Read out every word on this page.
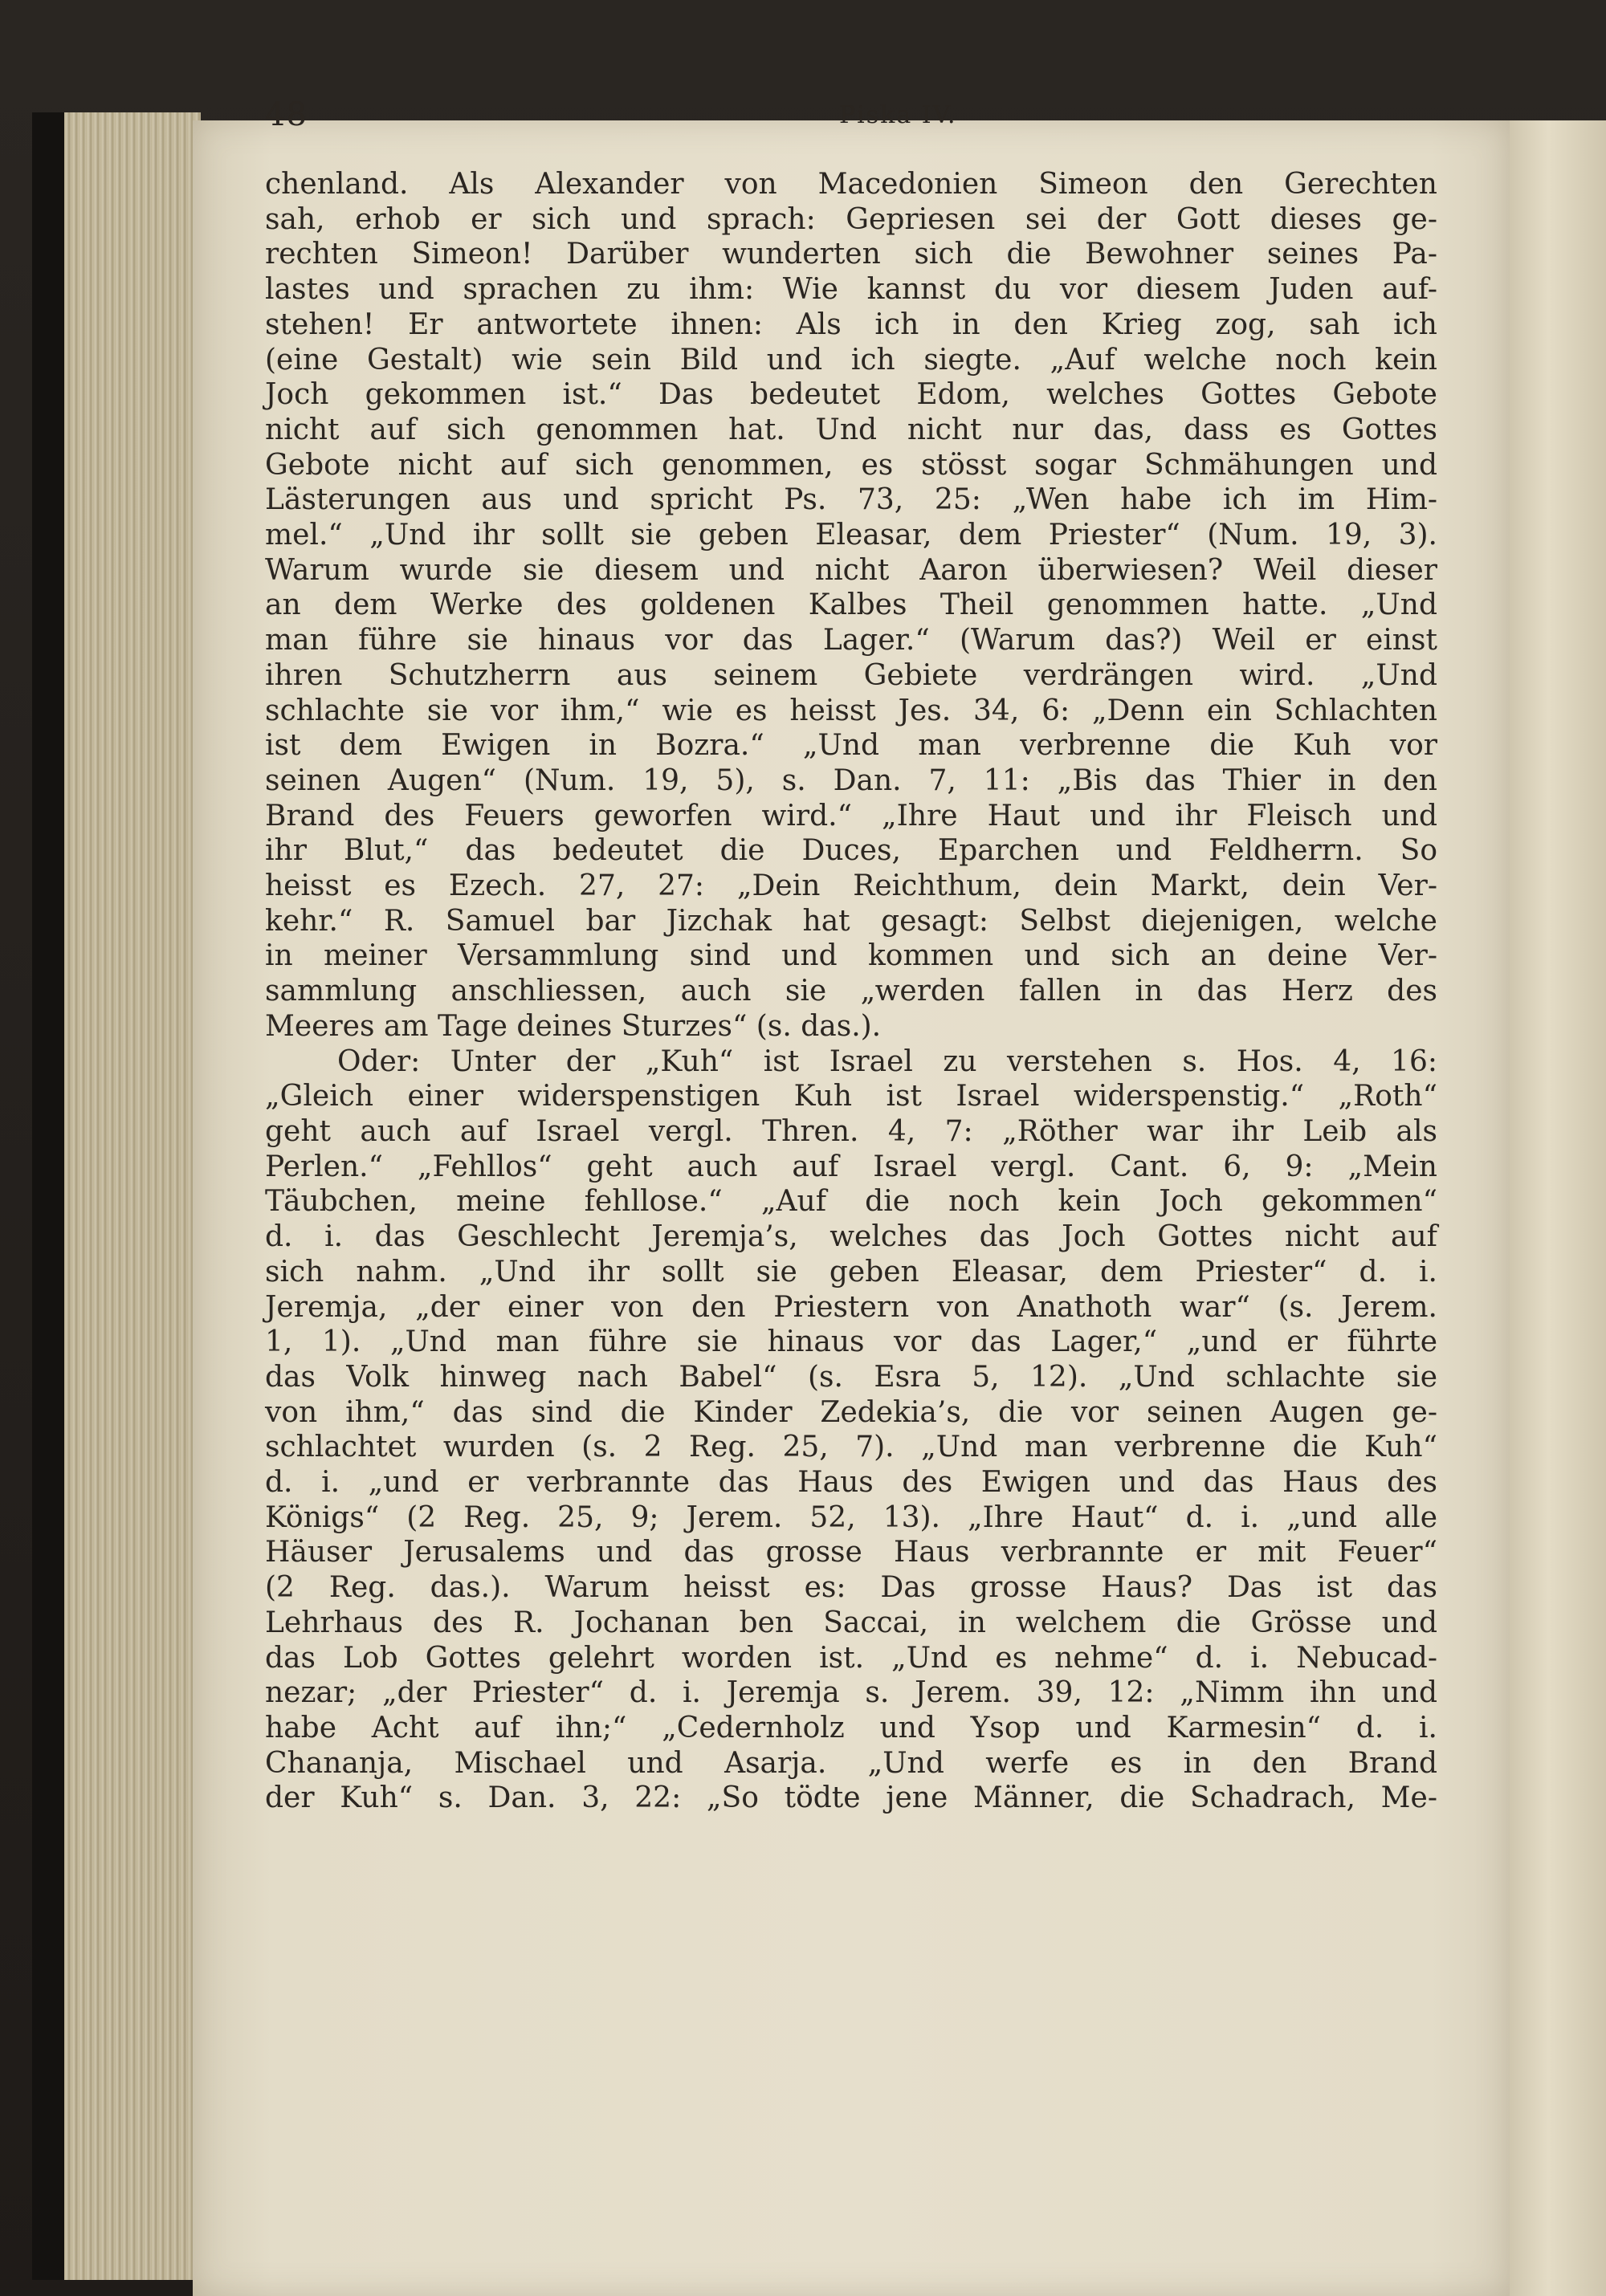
48	Piska IV.
chenland. Als Alexander von Macedonien Simeon den Gerechten
sah, erhob er sich und sprach: Gepriesen sei der Gott dieses ge-
rechten Simeon! Darüber wunderten sich die Bewohner seines Pa-
lastes und sprachen zu ihm: Wie kannst du vor diesem Juden auf-
stehen! Er antwortete ihnen: Als ich in den Krieg zog, sah ich
(eine Gestalt) wie sein Bild und ich siegte. „Auf welche noch kein
Joch gekommen ist.“ Das bedeutet Edom, welches Gottes Gebote
nicht auf sich genommen hat. Und nicht nur das, dass es Gottes
Gebote nicht auf sich genommen, es stösst sogar Schmähungen und
Lästerungen aus und spricht Ps. 73, 25: „Wen habe ich im Him-
mel.“ „Und ihr sollt sie geben Eleasar, dem Priester“ (Num. 19, 3).
Warum wurde sie diesem und nicht Aaron überwiesen? Weil dieser
an dem Werke des goldenen Kalbes Theil genommen hatte. „Und
man führe sie hinaus vor das Lager.“ (Warum das?) Weil er einst
ihren Schutzherrn aus seinem Gebiete verdrängen wird. „Und
schlachte sie vor ihm,“ wie es heisst Jes. 34, 6: „Denn ein Schlachten
ist dem Ewigen in Bozra.“ „Und man verbrenne die Kuh vor
seinen Augen“ (Num. 19, 5), s. Dan. 7, 11: „Bis das Thier in den
Brand des Feuers geworfen wird.“ „Ihre Haut und ihr Fleisch und
ihr Blut,“ das bedeutet die Duces, Eparchen und Feldherrn. So
heisst es Ezech. 27, 27: „Dein Reichthum, dein Markt, dein Ver-
kehr.“ R. Samuel bar Jizchak hat gesagt: Selbst diejenigen, welche
in meiner Versammlung sind und kommen und sich an deine Ver-
sammlung anschliessen, auch sie „werden fallen in das Herz des
Meeres am Tage deines Sturzes“ (s. das.).
Oder: Unter der „Kuh“ ist Israel zu verstehen s. Hos. 4, 16:
„Gleich einer widerspenstigen Kuh ist Israel widerspenstig.“ „Roth“
geht auch auf Israel vergl. Thren. 4, 7: „Röther war ihr Leib als
Perlen.“ „Fehllos“ geht auch auf Israel vergl. Cant. 6, 9: „Mein
Täubchen, meine fehllose.“ „Auf die noch kein Joch gekommen“
d. i. das Geschlecht Jeremja’s, welches das Joch Gottes nicht auf
sich nahm. „Und ihr sollt sie geben Eleasar, dem Priester“ d. i.
Jeremja, „der einer von den Priestern von Anathoth war“ (s. Jerem.
1, 1). „Und man führe sie hinaus vor das Lager,“ „und er führte
das Volk hinweg nach Babel“ (s. Esra 5, 12). „Und schlachte sie
von ihm,“ das sind die Kinder Zedekia’s, die vor seinen Augen ge-
schlachtet wurden (s. 2 Reg. 25, 7). „Und man verbrenne die Kuh“
d. i. „und er verbrannte das Haus des Ewigen und das Haus des
Königs“ (2 Reg. 25, 9; Jerem. 52, 13). „Ihre Haut“ d. i. „und alle
Häuser Jerusalems und das grosse Haus verbrannte er mit Feuer“
(2 Reg. das.). Warum heisst es: Das grosse Haus? Das ist das
Lehrhaus des R. Jochanan ben Saccai, in welchem die Grösse und
das Lob Gottes gelehrt worden ist. „Und es nehme“ d. i. Nebucad-
nezar; „der Priester“ d. i. Jeremja s. Jerem. 39, 12: „Nimm ihn und
habe Acht auf ihn;“ „Cedernholz und Ysop und Karmesin“ d. i.
Chananja, Mischael und Asarja. „Und werfe es in den Brand
der Kuh“ s. Dan. 3, 22: „So tödte jene Männer, die Schadrach, Me-
